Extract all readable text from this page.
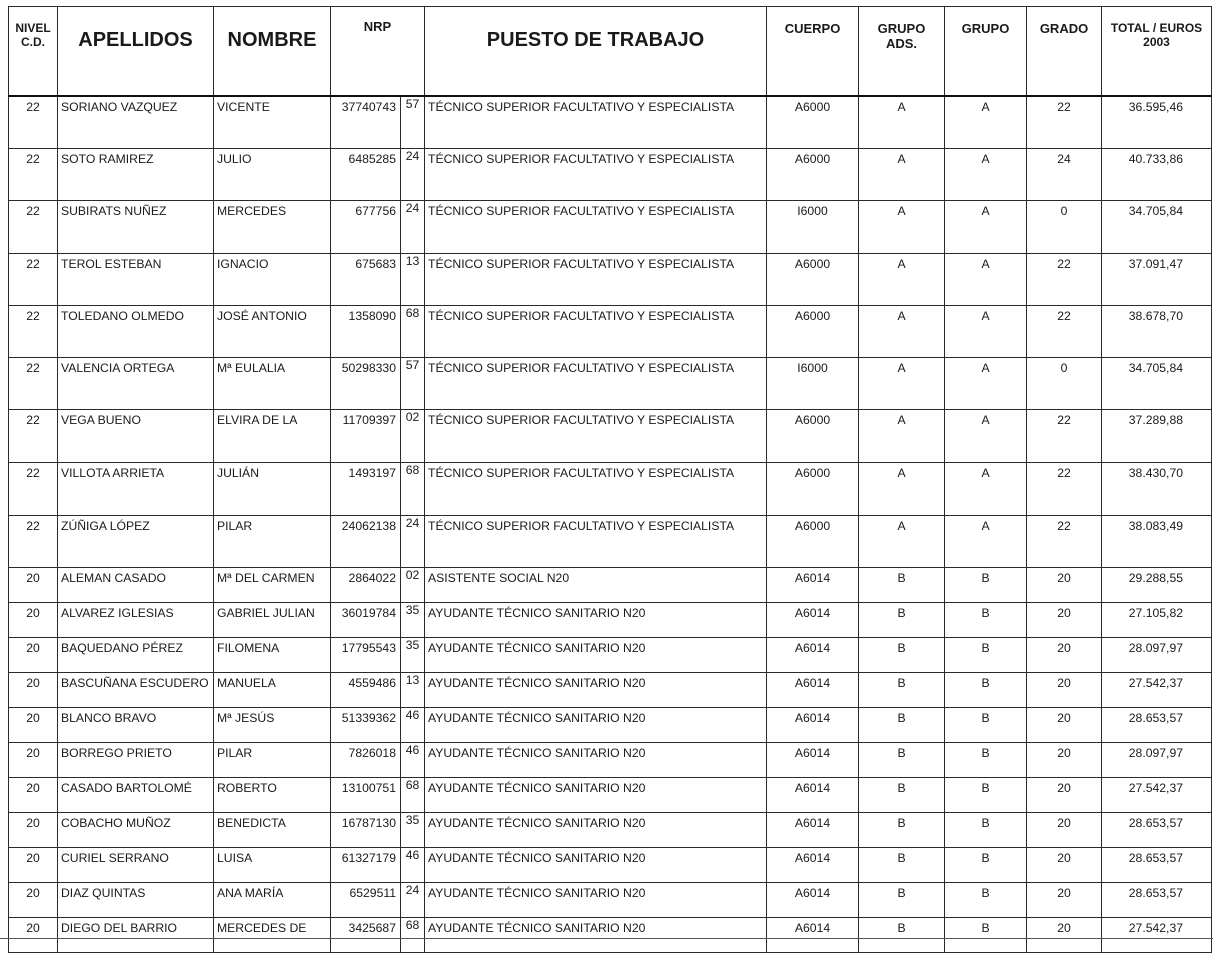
NIVEL C.D.	APELLIDOS	NOMBRE	NRP		PUESTO DE TRABAJO	CUERPO	GRUPO ADS.	GRUPO	GRADO	TOTAL / EUROS 2003
22	SORIANO VAZQUEZ	VICENTE	37740743	57	TÉCNICO SUPERIOR FACULTATIVO Y ESPECIALISTA	A6000	A	A	22	36.595,46
22	SOTO RAMIREZ	JULIO	6485285	24	TÉCNICO SUPERIOR FACULTATIVO Y ESPECIALISTA	A6000	A	A	24	40.733,86
22	SUBIRATS NUÑEZ	MERCEDES	677756	24	TÉCNICO SUPERIOR FACULTATIVO Y ESPECIALISTA	I6000	A	A	0	34.705,84
22	TEROL ESTEBAN	IGNACIO	675683	13	TÉCNICO SUPERIOR FACULTATIVO Y ESPECIALISTA	A6000	A	A	22	37.091,47
22	TOLEDANO OLMEDO	JOSÉ ANTONIO	1358090	68	TÉCNICO SUPERIOR FACULTATIVO Y ESPECIALISTA	A6000	A	A	22	38.678,70
22	VALENCIA ORTEGA	Mª EULALIA	50298330	57	TÉCNICO SUPERIOR FACULTATIVO Y ESPECIALISTA	I6000	A	A	0	34.705,84
22	VEGA BUENO	ELVIRA DE LA	11709397	02	TÉCNICO SUPERIOR FACULTATIVO Y ESPECIALISTA	A6000	A	A	22	37.289,88
22	VILLOTA ARRIETA	JULIÁN	1493197	68	TÉCNICO SUPERIOR FACULTATIVO Y ESPECIALISTA	A6000	A	A	22	38.430,70
22	ZÚÑIGA LÓPEZ	PILAR	24062138	24	TÉCNICO SUPERIOR FACULTATIVO Y ESPECIALISTA	A6000	A	A	22	38.083,49
20	ALEMAN CASADO	Mª DEL CARMEN	2864022	02	ASISTENTE SOCIAL N20	A6014	B	B	20	29.288,55
20	ALVAREZ IGLESIAS	GABRIEL JULIAN	36019784	35	AYUDANTE TÉCNICO SANITARIO N20	A6014	B	B	20	27.105,82
20	BAQUEDANO PÉREZ	FILOMENA	17795543	35	AYUDANTE TÉCNICO SANITARIO N20	A6014	B	B	20	28.097,97
20	BASCUÑANA ESCUDERO	MANUELA	4559486	13	AYUDANTE TÉCNICO SANITARIO N20	A6014	B	B	20	27.542,37
20	BLANCO BRAVO	Mª JESÚS	51339362	46	AYUDANTE TÉCNICO SANITARIO N20	A6014	B	B	20	28.653,57
20	BORREGO PRIETO	PILAR	7826018	46	AYUDANTE TÉCNICO SANITARIO N20	A6014	B	B	20	28.097,97
20	CASADO BARTOLOMÉ	ROBERTO	13100751	68	AYUDANTE TÉCNICO SANITARIO N20	A6014	B	B	20	27.542,37
20	COBACHO MUÑOZ	BENEDICTA	16787130	35	AYUDANTE TÉCNICO SANITARIO N20	A6014	B	B	20	28.653,57
20	CURIEL SERRANO	LUISA	61327179	46	AYUDANTE TÉCNICO SANITARIO N20	A6014	B	B	20	28.653,57
20	DIAZ QUINTAS	ANA MARÍA	6529511	24	AYUDANTE TÉCNICO SANITARIO N20	A6014	B	B	20	28.653,57
20	DIEGO DEL BARRIO	MERCEDES DE	3425687	68	AYUDANTE TÉCNICO SANITARIO N20	A6014	B	B	20	27.542,37
